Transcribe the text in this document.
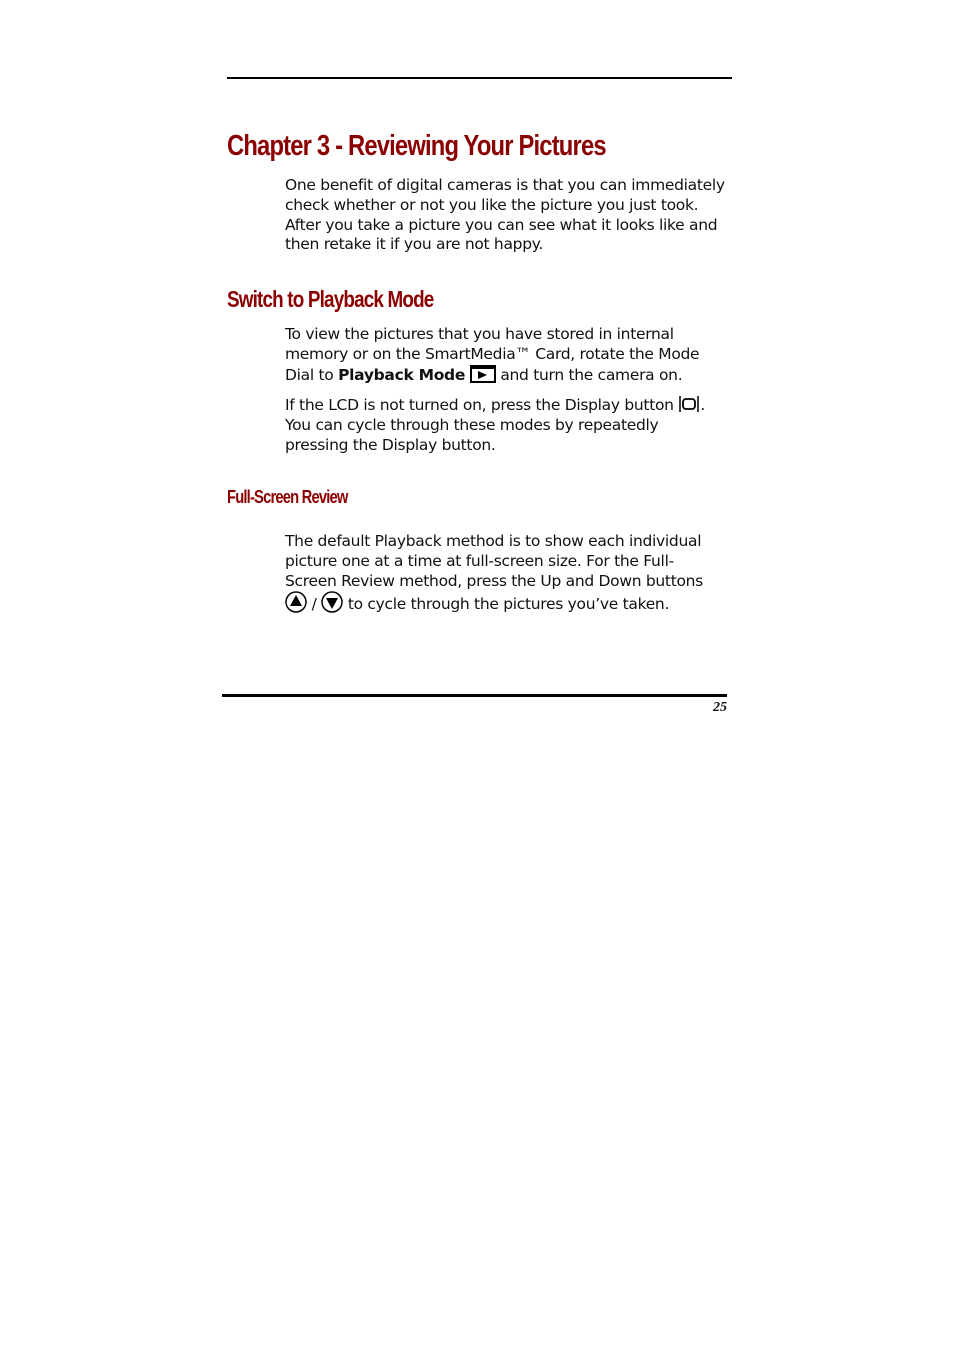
Chapter 3 - Reviewing Your Pictures

One benefit of digital cameras is that you can immediately check whether or not you like the picture you just took. After you take a picture you can see what it looks like and then retake it if you are not happy.

Switch to Playback Mode

To view the pictures that you have stored in internal memory or on the SmartMedia™ Card, rotate the Mode Dial to Playback Mode  and turn the camera on.

If the LCD is not turned on, press the Display button . You can cycle through these modes by repeatedly pressing the Display button.

Full-Screen Review

The default Playback method is to show each individual picture one at a time at full-screen size. For the Full-Screen Review method, press the Up and Down buttons
/  to cycle through the pictures you’ve taken.

25
